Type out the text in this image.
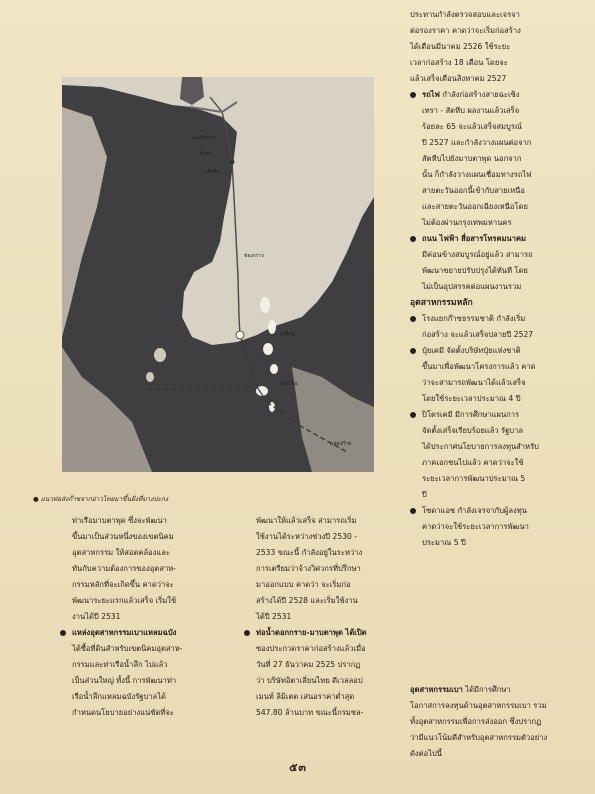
ฉะเชิงเทรา
พัทยา
สัตหีบ
ช่องกร่าง
ภูเมือน
เอราวัณ
แหล่งก๊าซ
● แนวท่อส่งก๊าซจากอ่าวไทยมาขึ้นฝั่งที่บางปะกง

ประทานกำลังตรวจสอบและเจรจา

ต่อรองราคา คาดว่าจะเริ่มก่อสร้าง

ได้เดือนมีนาคม 2526 ใช้ระยะ

เวลาก่อสร้าง 18 เดือน โดยจะ

แล้วเสร็จเดือนสิงหาคม 2527

รถไฟ กำลังก่อสร้างสายฉะเชิง

เทรา - สัตหีบ ผลงานแล้วเสร็จ

ร้อยละ 65 จะแล้วเสร็จสมบูรณ์

ปี 2527 และกำลังวางแผนต่อจาก

สัตหีบไปยังมาบตาพุด นอกจาก

นั้น ก็กำลังวางแผนเชื่อมทางรถไฟ

สายตะวันออกนี้เข้ากับสายเหนือ

และสายตะวันออกเฉียงเหนือโดย

ไม่ต้องผ่านกรุงเทพมหานคร

ถนน ไฟฟ้า สื่อสารโทรคมนาคม

มีค่อนข้างสมบูรณ์อยู่แล้ว สามารถ

พัฒนาขยายปรับปรุงได้ทันที โดย

ไม่เป็นอุปสรรคต่อแผนงานรวม

อุตสาหกรรมหลัก

โรงแยกก๊าซธรรมชาติ กำลังเริ่ม

ก่อสร้าง จะแล้วเสร็จปลายปี 2527

ปุ๋ยเคมี จัดตั้งบริษัทปุ๋ยแห่งชาติ

ขึ้นมาเพื่อพัฒนาโครงการแล้ว คาด

ว่าจะสามารถพัฒนาได้แล้วเสร็จ

โดยใช้ระยะเวลาประมาณ 4 ปี

ปิโตรเคมี มีการศึกษาแผนการ

จัดตั้งเสร็จเรียบร้อยแล้ว รัฐบาล

ได้ประกาศนโยบายการลงทุนสำหรับ

ภาคเอกชนไปแล้ว คาดว่าจะใช้

ระยะเวลาการพัฒนาประมาณ 5

ปี

โซดาแอช กำลังเจรจากับผู้ลงทุน

คาดว่าจะใช้ระยะเวลาการพัฒนา

ประมาณ 5 ปี

อุตสาหกรรมเบา ได้มีการศึกษา

โอกาสการลงทุนด้านอุตสาหกรรมเบา รวม

ทั้งอุตสาหกรรมเพื่อการส่งออก ซึ่งปรากฏ

ว่ามีแนวโน้มดีสำหรับอุตสาหกรรมตัวอย่าง

ดังต่อไปนี้

ท่าเรือมาบตาพุด ซึ่งจะพัฒนา

ขึ้นมาเป็นส่วนหนึ่งของเขตนิคม

อุตสาหกรรม ให้สอดคล้องและ

ทันกับความต้องการของอุตสาห-

กรรมหลักที่จะเกิดขึ้น คาดว่าจะ

พัฒนาระยะแรกแล้วเสร็จ เริ่มใช้

งานได้ปี 2531

แหล่งอุตสาหกรรมเบาแหลมฉบัง

ได้ซื้อที่ดินสำหรับเขตนิคมอุตสาห-

กรรมและท่าเรือน้ำลึก ไปแล้ว

เป็นส่วนใหญ่ ทั้งนี้ การพัฒนาท่า

เรือน้ำลึกแหลมฉบังรัฐบาลได้

กำหนดนโยบายอย่างแน่ชัดที่จะ

พัฒนาให้แล้วเสร็จ สามารถเริ่ม

ใช้งานได้ระหว่างช่วงปี 2530 -

2533 ขณะนี้ กำลังอยู่ในระหว่าง

การเตรียมว่าจ้างวิศวกรที่ปรึกษา

มาออกแบบ คาดว่า จะเริ่มก่อ

สร้างได้ปี 2528 และเริ่มใช้งาน

ได้ปี 2531

ท่อน้ำดอกกราย-มาบตาพุด ได้เปิด

ซองประกวดราคาก่อสร้างแล้วเมื่อ

วันที่ 27 ธันวาคม 2525 ปรากฏ

ว่า บริษัทอิตาเลี่ยนไทย ดีเวลลอป

เมนท์ ลิมิเตด เสนอราคาต่ำสุด

547.80 ล้านบาท ขณะนี้กรมชล-

๕๓
